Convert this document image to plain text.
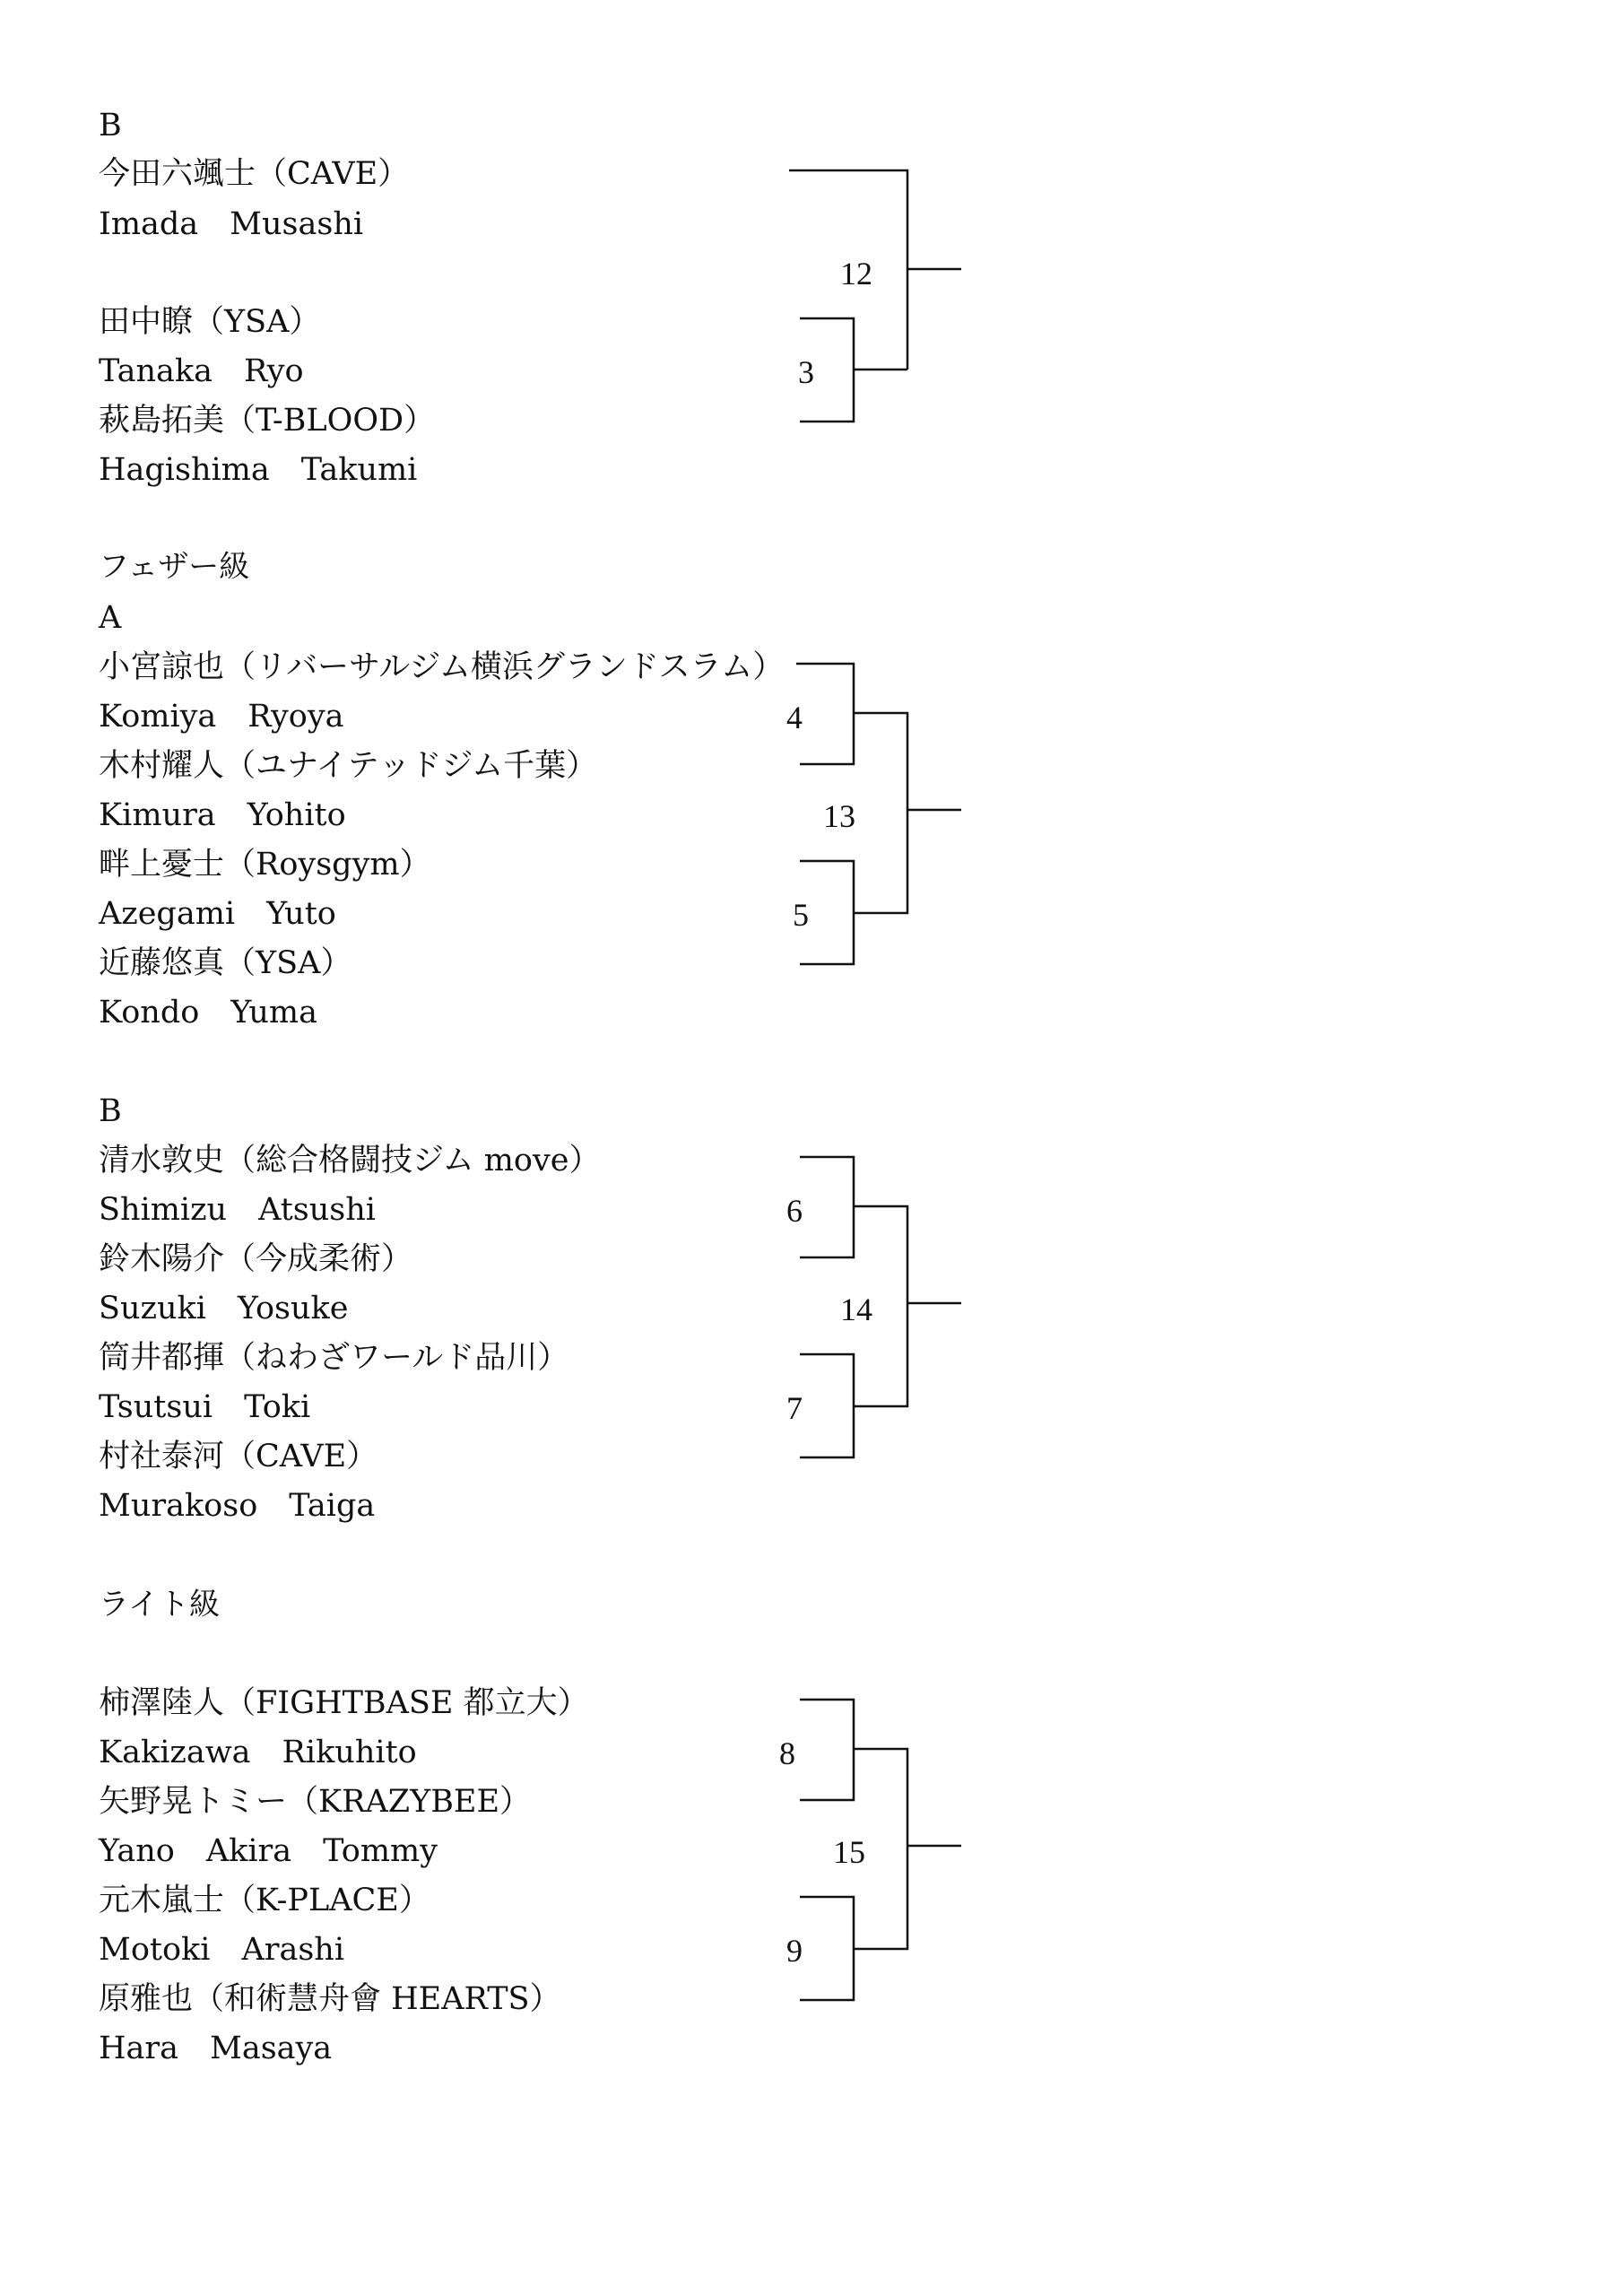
B
今田六颯士（CAVE）
Imada　Musashi
田中瞭（YSA）
Tanaka　Ryo
萩島拓美（T-BLOOD）
Hagishima　Takumi
12
3
フェザー級
A
小宮諒也（リバーサルジム横浜グランドスラム）
Komiya　Ryoya
木村耀人（ユナイテッドジム千葉）
Kimura　Yohito
畔上憂士（Roysgym）
Azegami　Yuto
近藤悠真（YSA）
Kondo　Yuma
4
13
5
B
清水敦史（総合格闘技ジム move）
Shimizu　Atsushi
鈴木陽介（今成柔術）
Suzuki　Yosuke
筒井都揮（ねわざワールド品川）
Tsutsui　Toki
村社泰河（CAVE）
Murakoso　Taiga
6
14
7
ライト級
柿澤陸人（FIGHTBASE 都立大）
Kakizawa　Rikuhito
矢野晃トミー（KRAZYBEE）
Yano　Akira　Tommy
元木嵐士（K-PLACE）
Motoki　Arashi
原雅也（和術慧舟會 HEARTS）
Hara　Masaya
8
15
9
